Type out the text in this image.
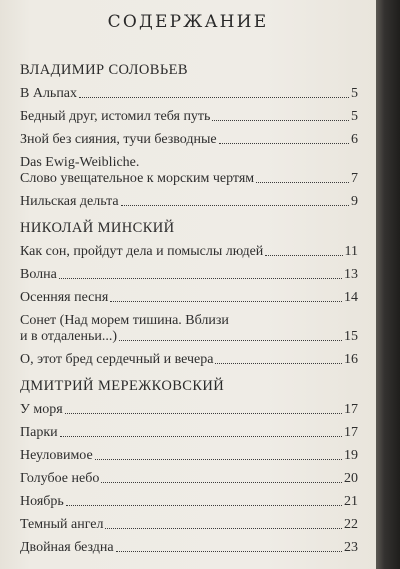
СОДЕРЖАНИЕ
ВЛАДИМИР СОЛОВЬЕВ
В Альпах	5
Бедный друг, истомил тебя путь	5
Зной без сияния, тучи безводные	6
Das Ewig-Weibliche.
Слово увещательное к морским чертям	7
Нильская дельта	9
НИКОЛАЙ МИНСКИЙ
Как сон, пройдут дела и помыслы людей	11
Волна	13
Осенняя песня	14
Сонет (Над морем тишина. Вблизи
и в отдаленьи...)	15
О, этот бред сердечный и вечера	16
ДМИТРИЙ МЕРЕЖКОВСКИЙ
У моря	17
Парки	17
Неуловимое	19
Голубое небо	20
Ноябрь	21
Темный ангел	22
Двойная бездна	23
